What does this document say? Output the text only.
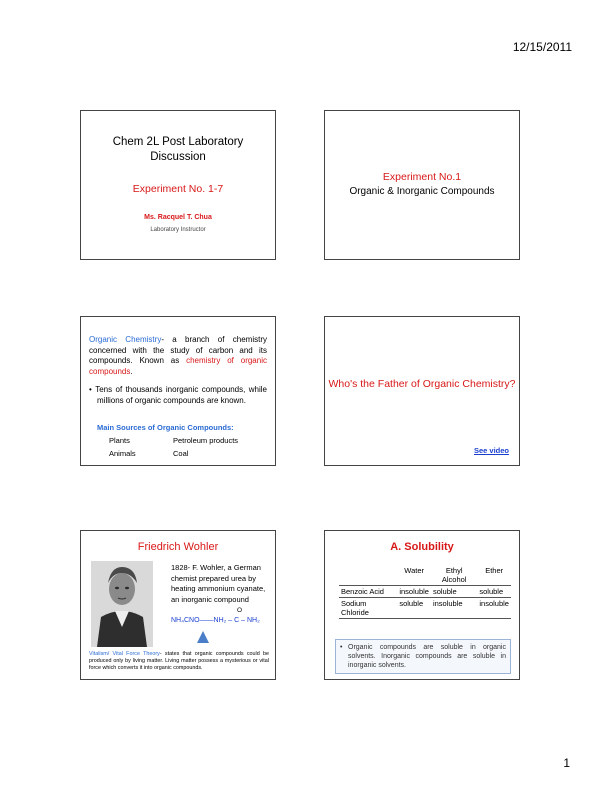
12/15/2011
Chem 2L Post Laboratory Discussion
Experiment No. 1-7
Ms. Racquel T. Chua
Laboratory Instructor
Experiment No.1
Organic & Inorganic Compounds
Organic Chemistry- a branch of chemistry concerned with the study of carbon and its compounds. Known as chemistry of organic compounds.
• Tens of thousands inorganic compounds, while millions of organic compounds are known.
Main Sources of Organic Compounds:
Plants	Petroleum products
Animals	Coal
Who's the Father of Organic Chemistry?
See video
Friedrich Wohler
1828- F. Wohler, a German chemist prepared urea by heating ammonium cyanate, an inorganic compound
O
NH₄CNO——NH₂ – C – NH₂
Vitalism/ Vital Force Theory- states that organic compounds could be produced only by living matter. Living matter possess a mysterious or vital force which converts it into organic compounds.
A. Solubility
	Water	Ethyl Alcohol	Ether
Benzoic Acid	insoluble	soluble	soluble
Sodium Chloride	soluble	insoluble	insoluble
• Organic compounds are soluble in organic solvents. Inorganic compounds are soluble in inorganic solvents.
1
